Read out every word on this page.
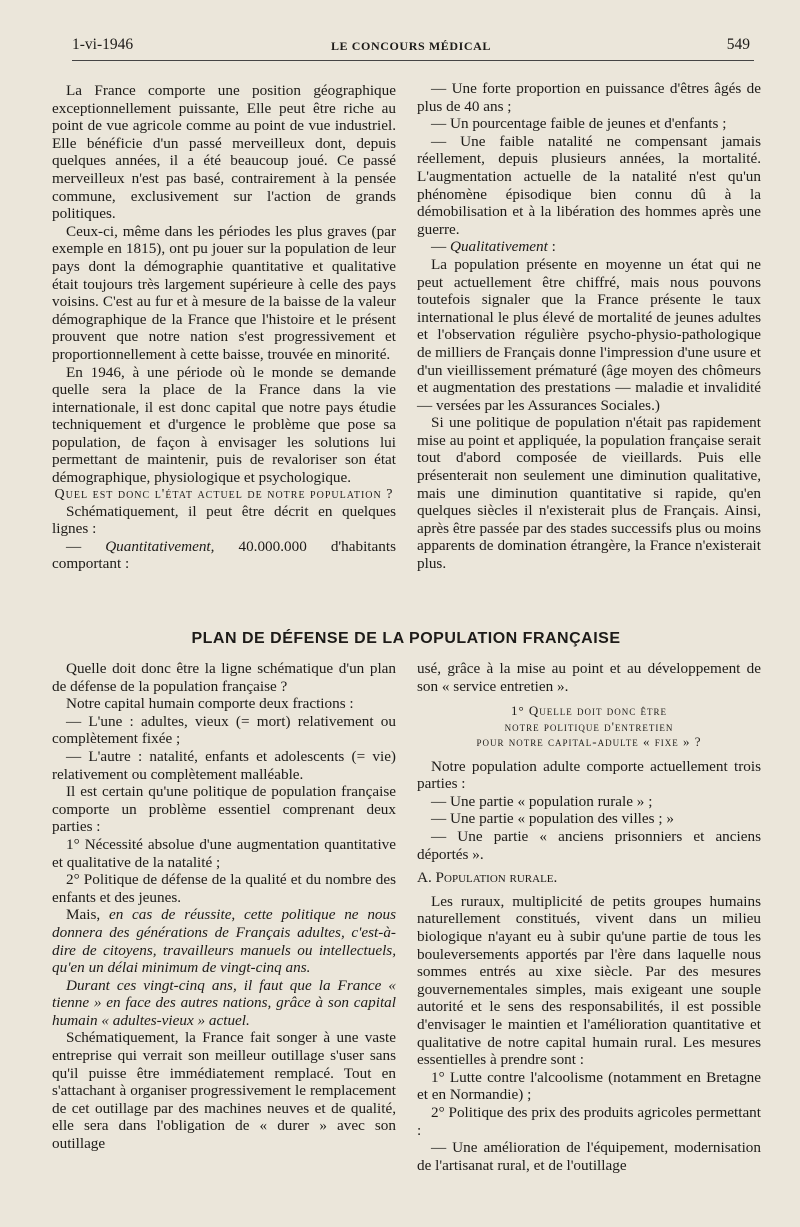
1-vi-1946	LE CONCOURS MÉDICAL	549

La France comporte une position géographique exceptionnellement puissante, Elle peut être riche au point de vue agricole comme au point de vue industriel. Elle bénéficie d'un passé merveilleux dont, depuis quelques années, il a été beaucoup joué. Ce passé merveilleux n'est pas basé, contrairement à la pensée commune, exclusivement sur l'action de grands politiques.

Ceux-ci, même dans les périodes les plus graves (par exemple en 1815), ont pu jouer sur la population de leur pays dont la démographie quantitative et qualitative était toujours très largement supérieure à celle des pays voisins. C'est au fur et à mesure de la baisse de la valeur démographique de la France que l'histoire et le présent prouvent que notre nation s'est progressivement et proportionnellement à cette baisse, trouvée en minorité.

En 1946, à une période où le monde se demande quelle sera la place de la France dans la vie internationale, il est donc capital que notre pays étudie techniquement et d'urgence le problème que pose sa population, de façon à envisager les solutions lui permettant de maintenir, puis de revaloriser son état démographique, physiologique et psychologique.

Quel est donc l'état actuel de notre population ?

Schématiquement, il peut être décrit en quelques lignes :

— Quantitativement, 40.000.000 d'habitants comportant :

— Une forte proportion en puissance d'êtres âgés de plus de 40 ans ;

— Un pourcentage faible de jeunes et d'enfants ;

— Une faible natalité ne compensant jamais réellement, depuis plusieurs années, la mortalité. L'augmentation actuelle de la natalité n'est qu'un phénomène épisodique bien connu dû à la démobilisation et à la libération des hommes après une guerre.

— Qualitativement :

La population présente en moyenne un état qui ne peut actuellement être chiffré, mais nous pouvons toutefois signaler que la France présente le taux international le plus élevé de mortalité de jeunes adultes et l'observation régulière psycho-physio-pathologique de milliers de Français donne l'impression d'une usure et d'un vieillissement prématuré (âge moyen des chômeurs et augmentation des prestations — maladie et invalidité — versées par les Assurances Sociales.)

Si une politique de population n'était pas rapidement mise au point et appliquée, la population française serait tout d'abord composée de vieillards. Puis elle présenterait non seulement une diminution qualitative, mais une diminution quantitative si rapide, qu'en quelques siècles il n'existerait plus de Français. Ainsi, après être passée par des stades successifs plus ou moins apparents de domination étrangère, la France n'existerait plus.

PLAN DE DÉFENSE DE LA POPULATION FRANÇAISE

Quelle doit donc être la ligne schématique d'un plan de défense de la population française ?

Notre capital humain comporte deux fractions :

— L'une : adultes, vieux (= mort) relativement ou complètement fixée ;

— L'autre : natalité, enfants et adolescents (= vie) relativement ou complètement malléable.

Il est certain qu'une politique de population française comporte un problème essentiel comprenant deux parties :

1° Nécessité absolue d'une augmentation quantitative et qualitative de la natalité ;

2° Politique de défense de la qualité et du nombre des enfants et des jeunes.

Mais, en cas de réussite, cette politique ne nous donnera des générations de Français adultes, c'est-à-dire de citoyens, travailleurs manuels ou intellectuels, qu'en un délai minimum de vingt-cinq ans.

Durant ces vingt-cinq ans, il faut que la France « tienne » en face des autres nations, grâce à son capital humain « adultes-vieux » actuel.

Schématiquement, la France fait songer à une vaste entreprise qui verrait son meilleur outillage s'user sans qu'il puisse être immédiatement remplacé. Tout en s'attachant à organiser progressivement le remplacement de cet outillage par des machines neuves et de qualité, elle sera dans l'obligation de « durer » avec son outillage

usé, grâce à la mise au point et au développement de son « service entretien ».

1° Quelle doit donc être
notre politique d'entretien
pour notre capital-adulte « fixe » ?

Notre population adulte comporte actuellement trois parties :

— Une partie « population rurale » ;

— Une partie « population des villes ; »

— Une partie « anciens prisonniers et anciens déportés ».

A. Population rurale.

Les ruraux, multiplicité de petits groupes humains naturellement constitués, vivent dans un milieu biologique n'ayant eu à subir qu'une partie de tous les bouleversements apportés par l'ère dans laquelle nous sommes entrés au xixe siècle. Par des mesures gouvernementales simples, mais exigeant une souple autorité et le sens des responsabilités, il est possible d'envisager le maintien et l'amélioration quantitative et qualitative de notre capital humain rural. Les mesures essentielles à prendre sont :

1° Lutte contre l'alcoolisme (notamment en Bretagne et en Normandie) ;

2° Politique des prix des produits agricoles permettant :

— Une amélioration de l'équipement, modernisation de l'artisanat rural, et de l'outillage
